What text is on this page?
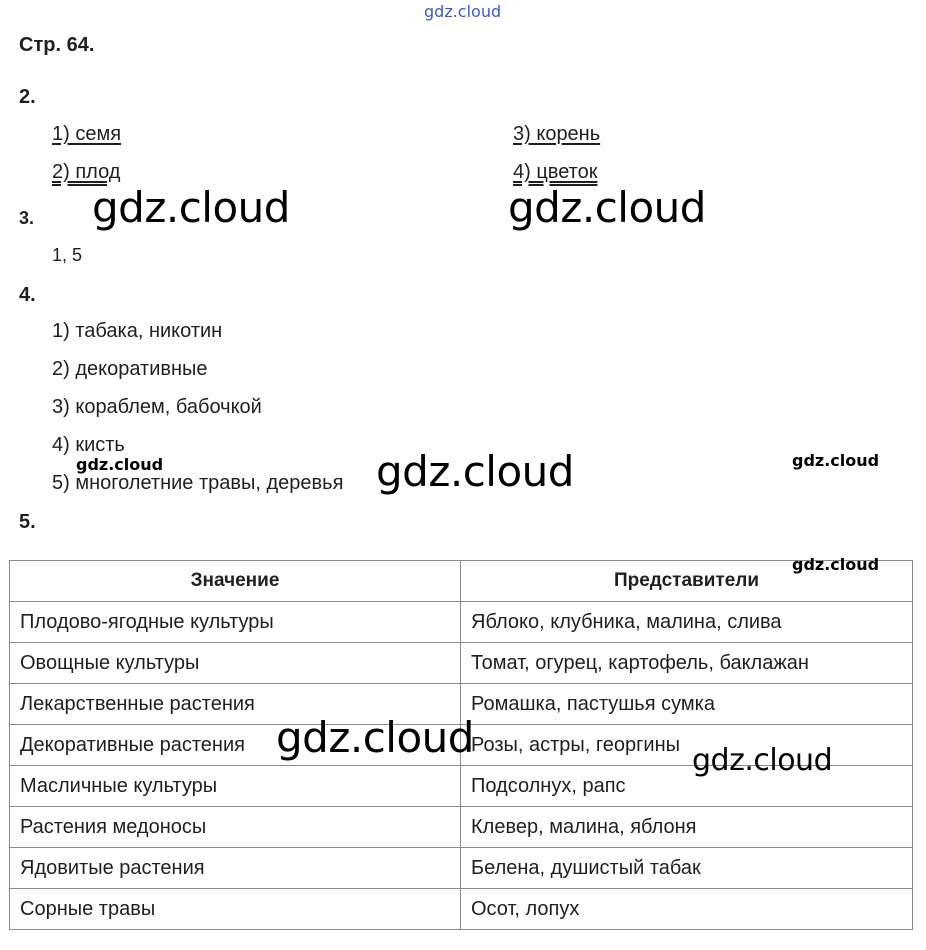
gdz.cloud
Стр. 64.
2.
1) семя
2) плод
3) корень
4) цветок
3.
1, 5
4.
1) табака, никотин
2) декоративные
3) кораблем, бабочкой
4) кисть
5) многолетние травы, деревья
5.
Значение	Представители
Плодово-ягодные культуры	Яблоко, клубника, малина, слива
Овощные культуры	Томат, огурец, картофель, баклажан
Лекарственные растения	Ромашка, пастушья сумка
Декоративные растения	Розы, астры, георгины
Масличные культуры	Подсолнух, рапс
Растения медоносы	Клевер, малина, яблоня
Ядовитые растения	Белена, душистый табак
Сорные травы	Осот, лопух
gdz.cloud	gdz.cloud
gdz.cloud
gdz.cloud	gdz.cloud
gdz.cloud	gdz.cloud
gdz.cloud
